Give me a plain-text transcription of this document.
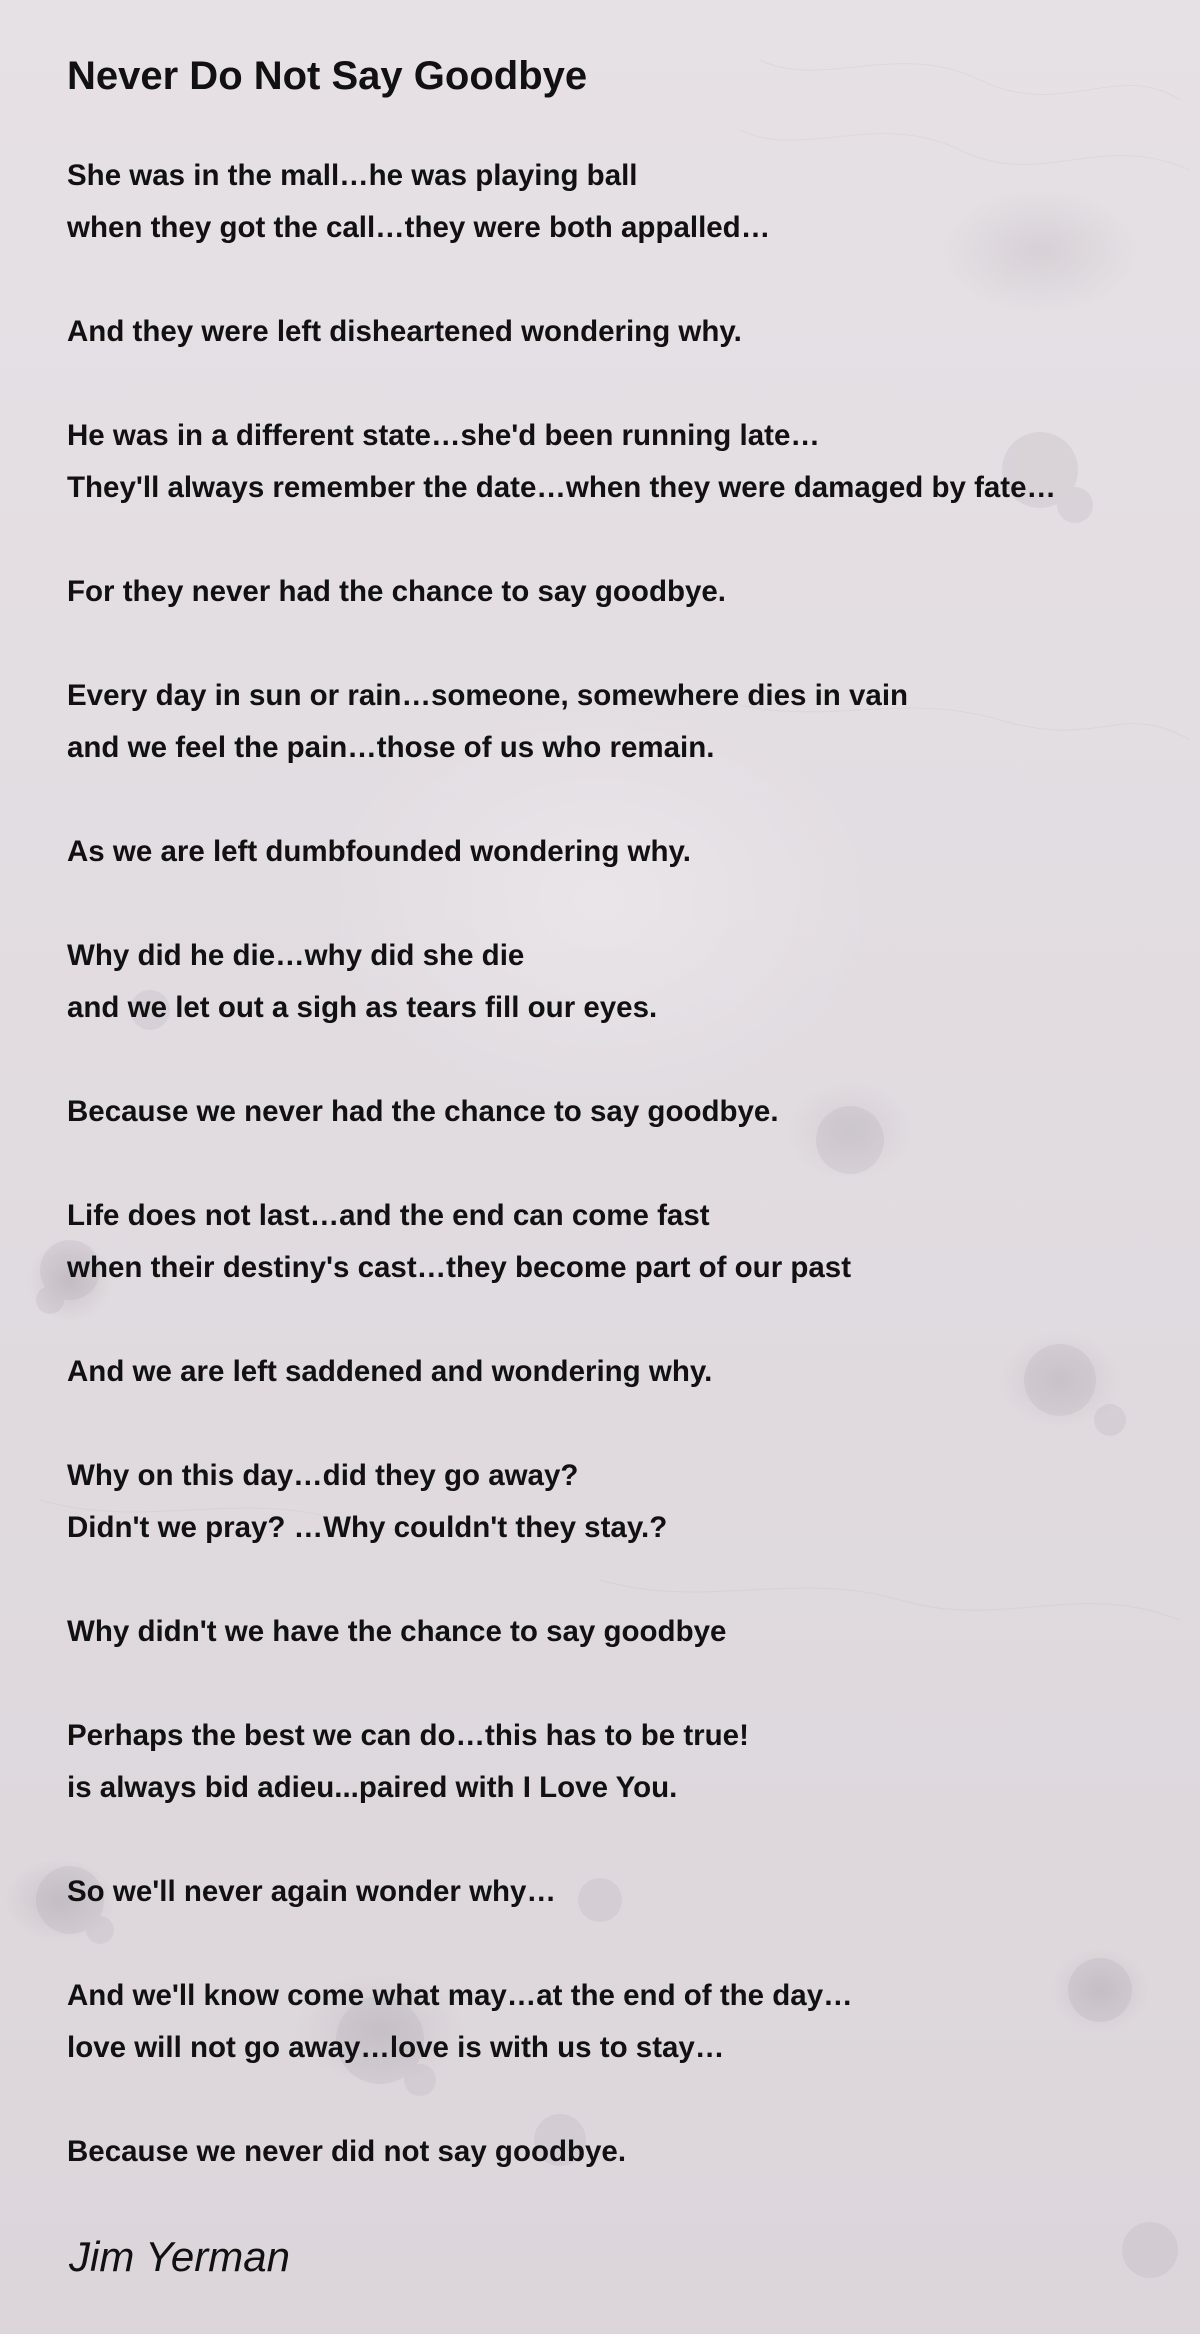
Never Do Not Say Goodbye
She was in the mall…he was playing ball
when they got the call…they were both appalled…
And they were left disheartened wondering why.
He was in a different state…she'd been running late…
They'll always remember the date…when they were damaged by fate…
For they never had the chance to say goodbye.
Every day in sun or rain…someone, somewhere dies in vain
and we feel the pain…those of us who remain.
As we are left dumbfounded wondering why.
Why did he die…why did she die
and we let out a sigh as tears fill our eyes.
Because we never had the chance to say goodbye.
Life does not last…and the end can come fast
when their destiny's cast…they become part of our past
And we are left saddened and wondering why.
Why on this day…did they go away?
Didn't we pray? …Why couldn't they stay.?
Why didn't we have the chance to say goodbye
Perhaps the best we can do…this has to be true!
is always bid adieu...paired with I Love You.
So we'll never again wonder why…
And we'll know come what may…at the end of the day…
love will not go away…love is with us to stay…
Because we never did not say goodbye.
Jim Yerman
